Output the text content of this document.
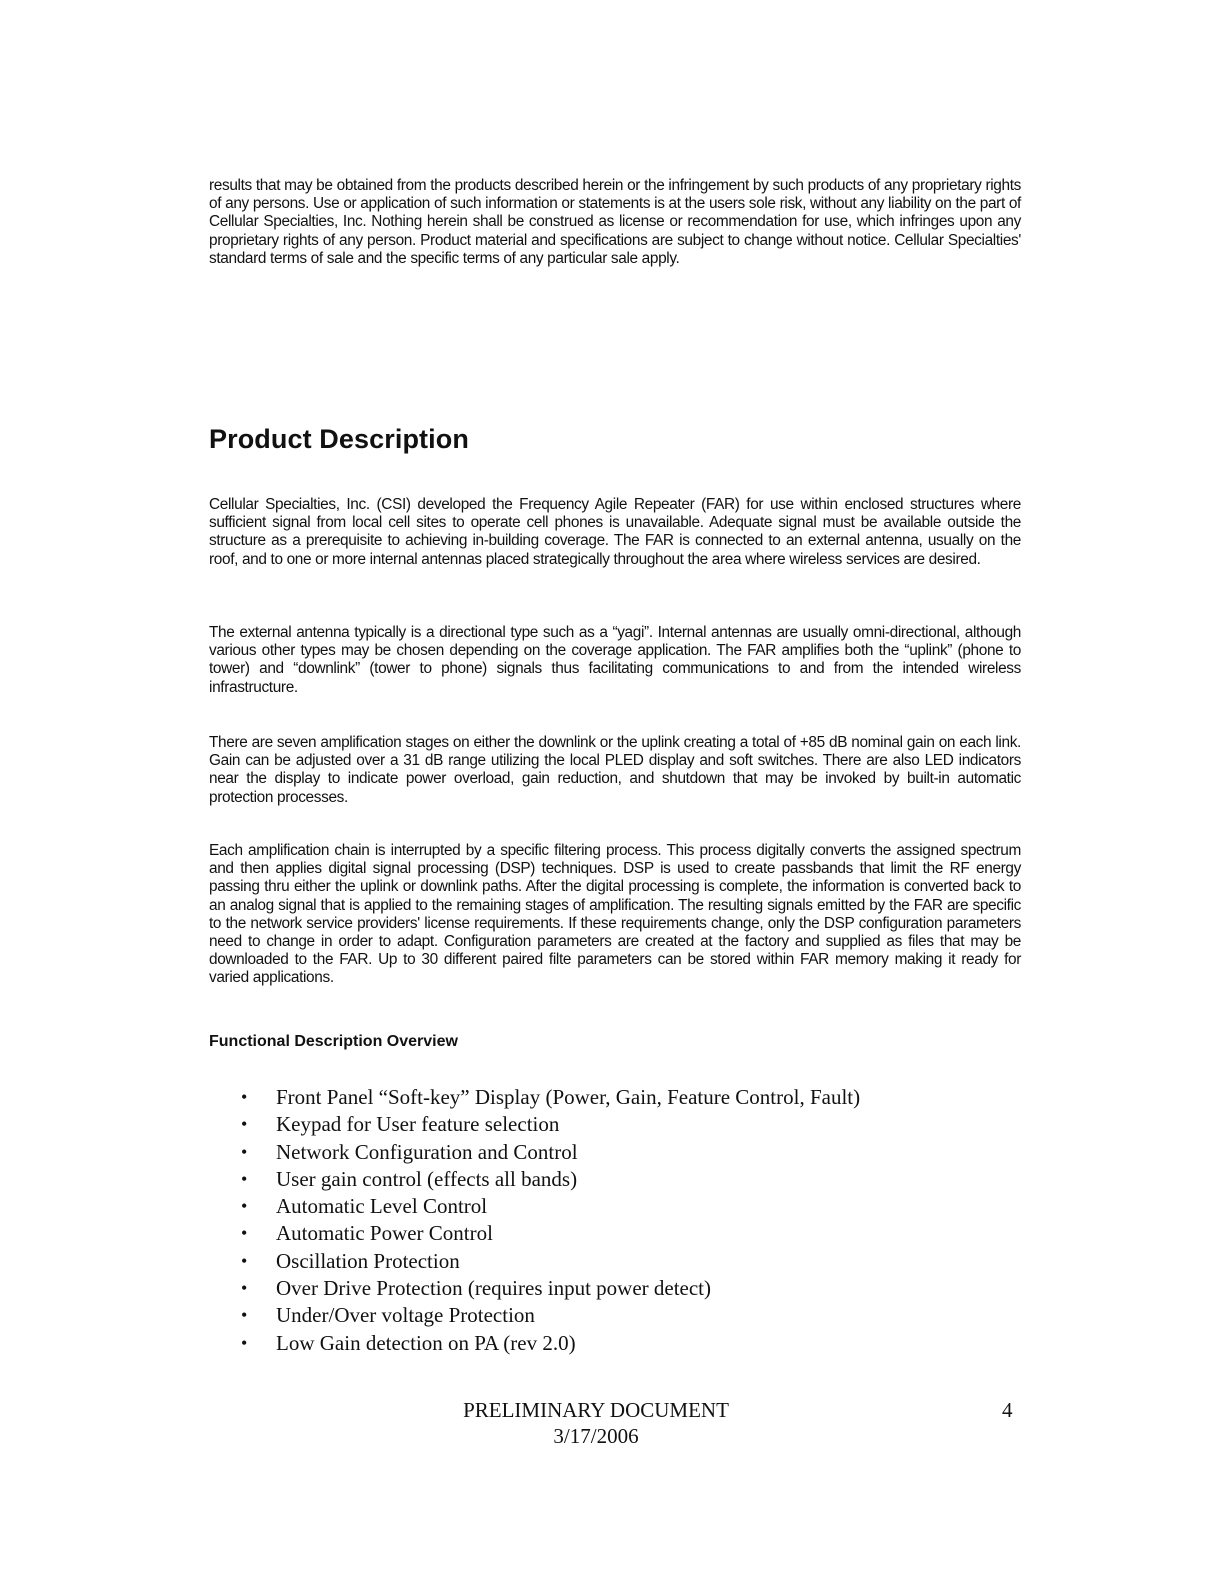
results that may be obtained from the products described herein or the infringement by such products of any proprietary rights of any persons. Use or application of such information or statements is at the users sole risk, without any liability on the part of Cellular Specialties, Inc. Nothing herein shall be construed as license or recommendation for use, which infringes upon any proprietary rights of any person. Product material and specifications are subject to change without notice. Cellular Specialties' standard terms of sale and the specific terms of any particular sale apply.

Product Description

Cellular Specialties, Inc. (CSI) developed the Frequency Agile Repeater (FAR) for use within enclosed structures where sufficient signal from local cell sites to operate cell phones is unavailable. Adequate signal must be available outside the structure as a prerequisite to achieving in-building coverage. The FAR is connected to an external antenna, usually on the roof, and to one or more internal antennas placed strategically throughout the area where wireless services are desired.

The external antenna typically is a directional type such as a “yagi”. Internal antennas are usually omni-directional, although various other types may be chosen depending on the coverage application. The FAR amplifies both the “uplink” (phone to tower) and “downlink” (tower to phone) signals thus facilitating communications to and from the intended wireless infrastructure.

There are seven amplification stages on either the downlink or the uplink creating a total of +85 dB nominal gain on each link. Gain can be adjusted over a 31 dB range utilizing the local PLED display and soft switches. There are also LED indicators near the display to indicate power overload, gain reduction, and shutdown that may be invoked by built-in automatic protection processes.

Each amplification chain is interrupted by a specific filtering process. This process digitally converts the assigned spectrum and then applies digital signal processing (DSP) techniques. DSP is used to create passbands that limit the RF energy passing thru either the uplink or downlink paths. After the digital processing is complete, the information is converted back to an analog signal that is applied to the remaining stages of amplification. The resulting signals emitted by the FAR are specific to the network service providers' license requirements. If these requirements change, only the DSP configuration parameters need to change in order to adapt. Configuration parameters are created at the factory and supplied as files that may be downloaded to the FAR. Up to 30 different paired filte parameters can be stored within FAR memory making it ready for varied applications.

Functional Description Overview
•	Front Panel “Soft-key” Display (Power, Gain, Feature Control, Fault)
•	Keypad for User feature selection
•	Network Configuration and Control
•	User gain control (effects all bands)
•	Automatic Level Control
•	Automatic Power Control
•	Oscillation Protection
•	Over Drive Protection (requires input power detect)
•	Under/Over voltage Protection
•	Low Gain detection on PA (rev 2.0)
PRELIMINARY DOCUMENT
3/17/2006
4
